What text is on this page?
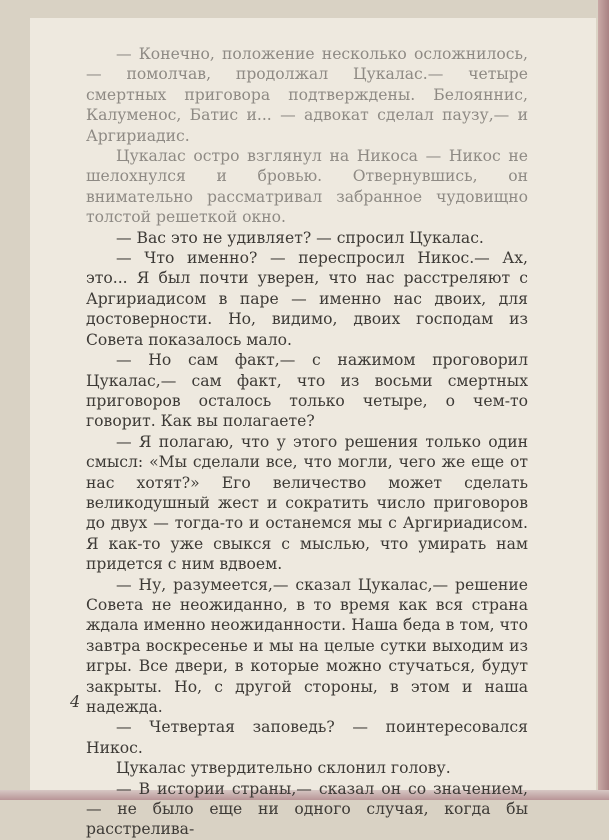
— Конечно, положение несколько осложнилось,— помолчав, продолжал Цукалас.— четыре смертных приговора подтверждены. Белояннис, Калуменос, Батис и... — адвокат сделал паузу,— и Аргириадис.

Цукалас остро взглянул на Никоса — Никос не шелохнулся и бровью. Отвернувшись, он внимательно рассматривал забранное чудовищно толстой решеткой окно.

— Вас это не удивляет? — спросил Цукалас.

— Что именно? — переспросил Никос.— Ах, это... Я был почти уверен, что нас расстреляют с Аргириадисом в паре — именно нас двоих, для достоверности. Но, видимо, двоих господам из Совета показалось мало.

— Но сам факт,— с нажимом проговорил Цукалас,— сам факт, что из восьми смертных приговоров осталось только четыре, о чем-то говорит. Как вы полагаете?

— Я полагаю, что у этого решения только один смысл: «Мы сделали все, что могли, чего же еще от нас хотят?» Его величество может сделать великодушный жест и сократить число приговоров до двух — тогда-то и останемся мы с Аргириадисом. Я как-то уже свыкся с мыслью, что умирать нам придется с ним вдвоем.

— Ну, разумеется,— сказал Цукалас,— решение Совета не неожиданно, в то время как вся страна ждала именно неожиданности. Наша беда в том, что завтра воскресенье и мы на целые сутки выходим из игры. Все двери, в которые можно стучаться, будут закрыты. Но, с другой стороны, в этом и наша надежда.

— Четвертая заповедь? — поинтересовался Никос.

Цукалас утвердительно склонил голову.

— В истории страны,— сказал он со значением,— не было еще ни одного случая, когда бы расстрелива-

4
